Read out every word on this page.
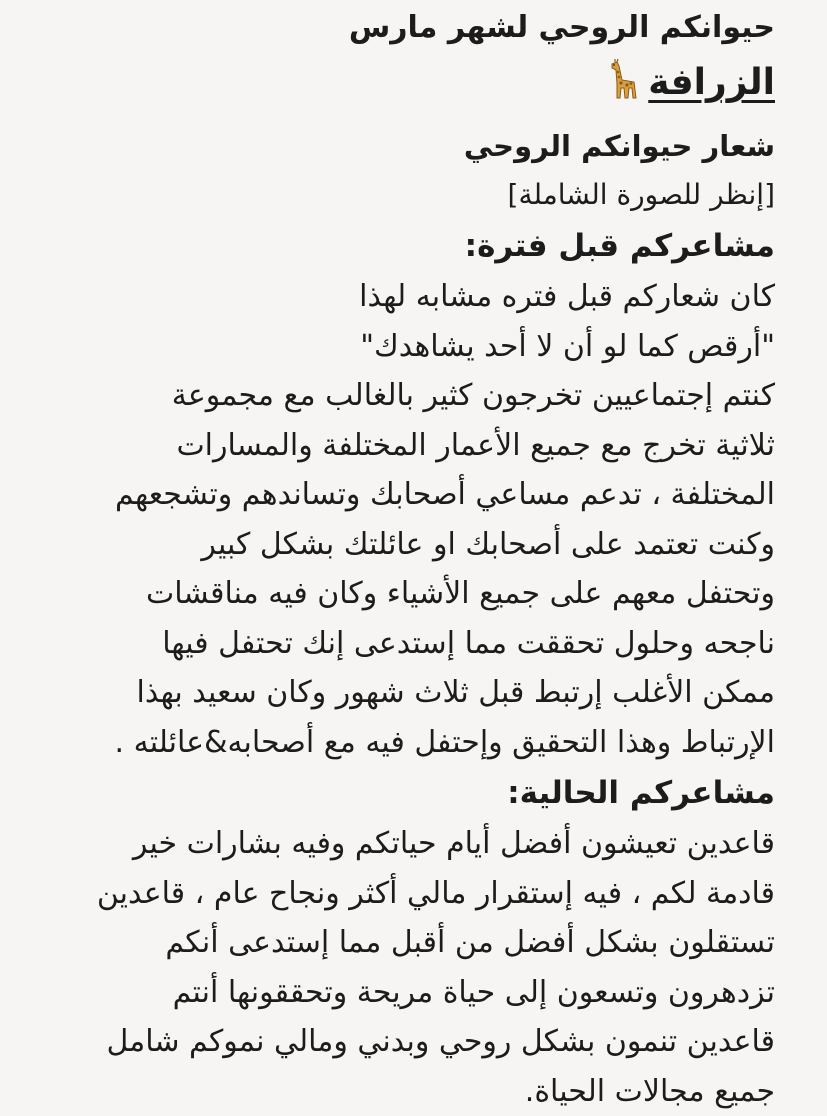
حيوانكم الروحي لشهر مارس

الزرافة

شعار حيوانكم الروحي

[إنظر للصورة الشاملة]

مشاعركم قبل فترة:

كان شعاركم قبل فتره مشابه لهذا

"أرقص كما لو أن لا أحد يشاهدك"

كنتم إجتماعيين تخرجون كثير بالغالب مع مجموعة

ثلاثية تخرج مع جميع الأعمار المختلفة والمسارات

المختلفة ، تدعم مساعي أصحابك وتساندهم وتشجعهم

وكنت تعتمد على أصحابك او عائلتك بشكل كبير

وتحتفل معهم على جميع الأشياء وكان فيه مناقشات

ناجحه وحلول تحققت مما إستدعى إنك تحتفل فيها

ممكن الأغلب إرتبط قبل ثلاث شهور وكان سعيد بهذا

الإرتباط وهذا التحقيق وإحتفل فيه مع أصحابه&عائلته .

مشاعركم الحالية:

قاعدين تعيشون أفضل أيام حياتكم وفيه بشارات خير

قادمة لكم ، فيه إستقرار مالي أكثر ونجاح عام ، قاعدين

تستقلون بشكل أفضل من أقبل مما إستدعى أنكم

تزدهرون وتسعون إلى حياة مريحة وتحققونها أنتم

قاعدين تنمون بشكل روحي وبدني ومالي نموكم شامل

جميع مجالات الحياة.
